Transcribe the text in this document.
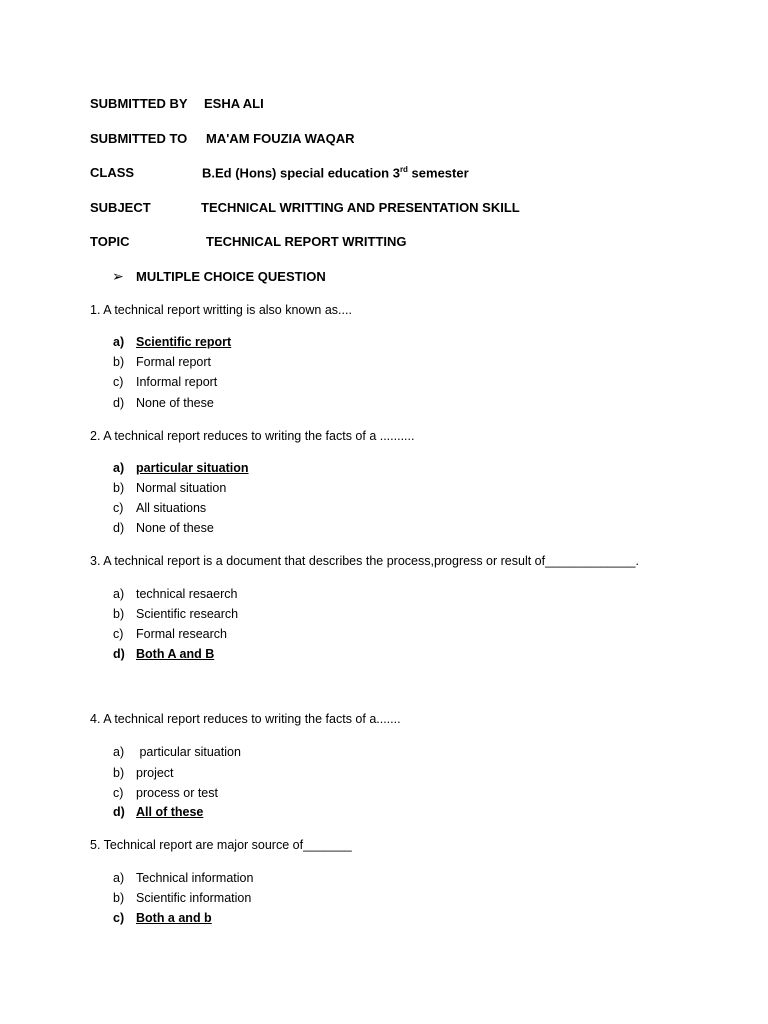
SUBMITTED BY ESHA ALI
SUBMITTED TO MA'AM FOUZIA WAQAR
CLASS	B.Ed (Hons) special education 3rd semester
SUBJECT	TECHNICAL WRITTING AND PRESENTATION SKILL
TOPIC	TECHNICAL REPORT WRITTING
➢ MULTIPLE CHOICE QUESTION
1. A technical report writting is also known as....
a) Scientific report
b) Formal report
c) Informal report
d) None of these
2. A technical report reduces to writing the facts of a ..........
a) particular situation
b) Normal situation
c) All situations
d) None of these
3. A technical report is a document that describes the process,progress or result of_____________.
a) technical resaerch
b) Scientific research
c) Formal research
d) Both A and B
4. A technical report reduces to writing the facts of a.......
a) particular situation
b) project
c) process or test
d) All of these
5. Technical report are major source of_______
a) Technical information
b) Scientific information
c) Both a and b
